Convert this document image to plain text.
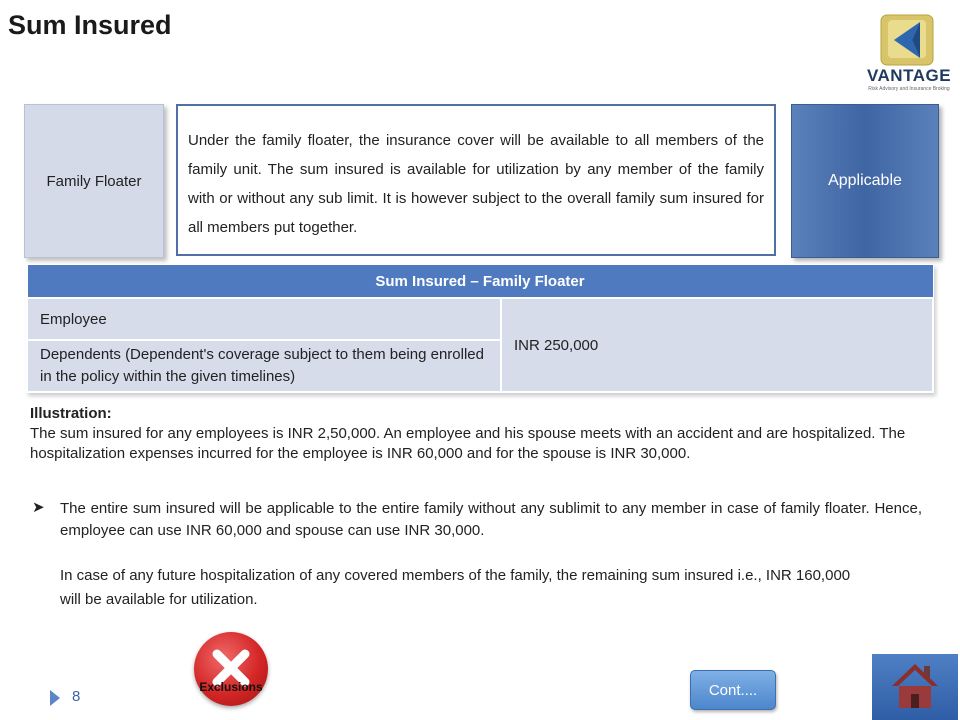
Sum Insured
VANTAGE
Risk Advisory and Insurance Broking
Family Floater
Under the family floater, the insurance cover will be available to all members of the family unit. The sum insured is available for utilization by any member of the family with or without any sub limit. It is however subject to the overall family sum insured for all members put together.
Applicable
Sum Insured – Family Floater
Employee	INR 250,000
Dependents (Dependent's coverage subject to them being enrolled in the policy within the given timelines)

Illustration:

The sum insured for any employees is INR 2,50,000. An employee and his spouse meets with an accident and are hospitalized. The hospitalization expenses incurred for the employee is INR 60,000 and for the spouse is INR 30,000.

➤ The entire sum insured will be applicable to the entire family without any sublimit to any member in case of family floater. Hence, employee can use INR 60,000 and spouse can use INR 30,000.
In case of any future hospitalization of any covered members of the family, the remaining sum insured i.e., INR 160,000 will be available for utilization.
Exclusions	Cont....
8
